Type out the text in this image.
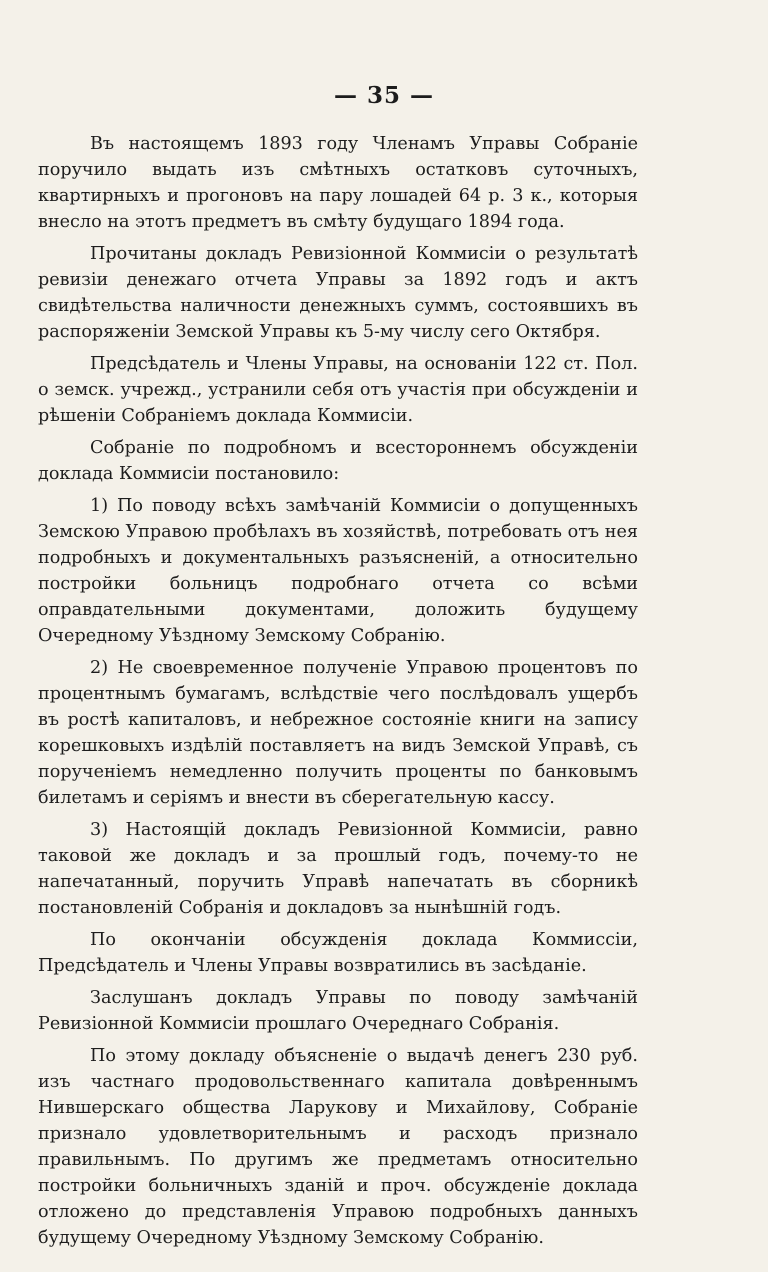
— 35 —

Въ настоящемъ 1893 году Членамъ Управы Собраніе поручило выдать изъ смѣтныхъ остатковъ суточныхъ, квартирныхъ и прогоновъ на пару лошадей 64 р. 3 к., которыя внесло на этотъ предметъ въ смѣту будущаго 1894 года.

Прочитаны докладъ Ревизіонной Коммисіи о результатѣ ревизіи денежаго отчета Управы за 1892 годъ и актъ свидѣтельства наличности денежныхъ суммъ, состоявшихъ въ распоряженіи Земской Управы къ 5-му числу сего Октября.

Предсѣдатель и Члены Управы, на основаніи 122 ст. Пол. о земск. учрежд., устранили себя отъ участія при обсужденіи и рѣшеніи Собраніемъ доклада Коммисіи.

Собраніе по подробномъ и всестороннемъ обсужденіи доклада Коммисіи постановило:

1) По поводу всѣхъ замѣчаній Коммисіи о допущенныхъ Земскою Управою пробѣлахъ въ хозяйствѣ, потребовать отъ нея подробныхъ и документальныхъ разъясненій, а относительно постройки больницъ подробнаго отчета со всѣми оправдательными документами, доложить будущему Очередному Уѣздному Земскому Собранію.

2) Не своевременное полученіе Управою процентовъ по процентнымъ бумагамъ, вслѣдствіе чего послѣдовалъ ущербъ въ ростѣ капиталовъ, и небрежное состояніе книги на запису корешковыхъ издѣлій поставляетъ на видъ Земской Управѣ, съ порученіемъ немедленно получить проценты по банковымъ билетамъ и серіямъ и внести въ сберегательную кассу.

3) Настоящій докладъ Ревизіонной Коммисіи, равно таковой же докладъ и за прошлый годъ, почему-то не напечатанный, поручить Управѣ напечатать въ сборникѣ постановленій Собранія и докладовъ за нынѣшній годъ.

По окончаніи обсужденія доклада Коммиссіи, Предсѣдатель и Члены Управы возвратились въ засѣданіе.

Заслушанъ докладъ Управы по поводу замѣчаній Ревизіонной Коммисіи прошлаго Очереднаго Собранія.

По этому докладу объясненіе о выдачѣ денегъ 230 руб. изъ частнаго продовольственнаго капитала довѣреннымъ Нившерскаго общества Ларукову и Михайлову, Собраніе признало удовлетворительнымъ и расходъ признало правильнымъ. По другимъ же предметамъ относительно постройки больничныхъ зданій и проч. обсужденіе доклада отложено до представленія Управою подробныхъ данныхъ будущему Очередному Уѣздному Земскому Собранію.
